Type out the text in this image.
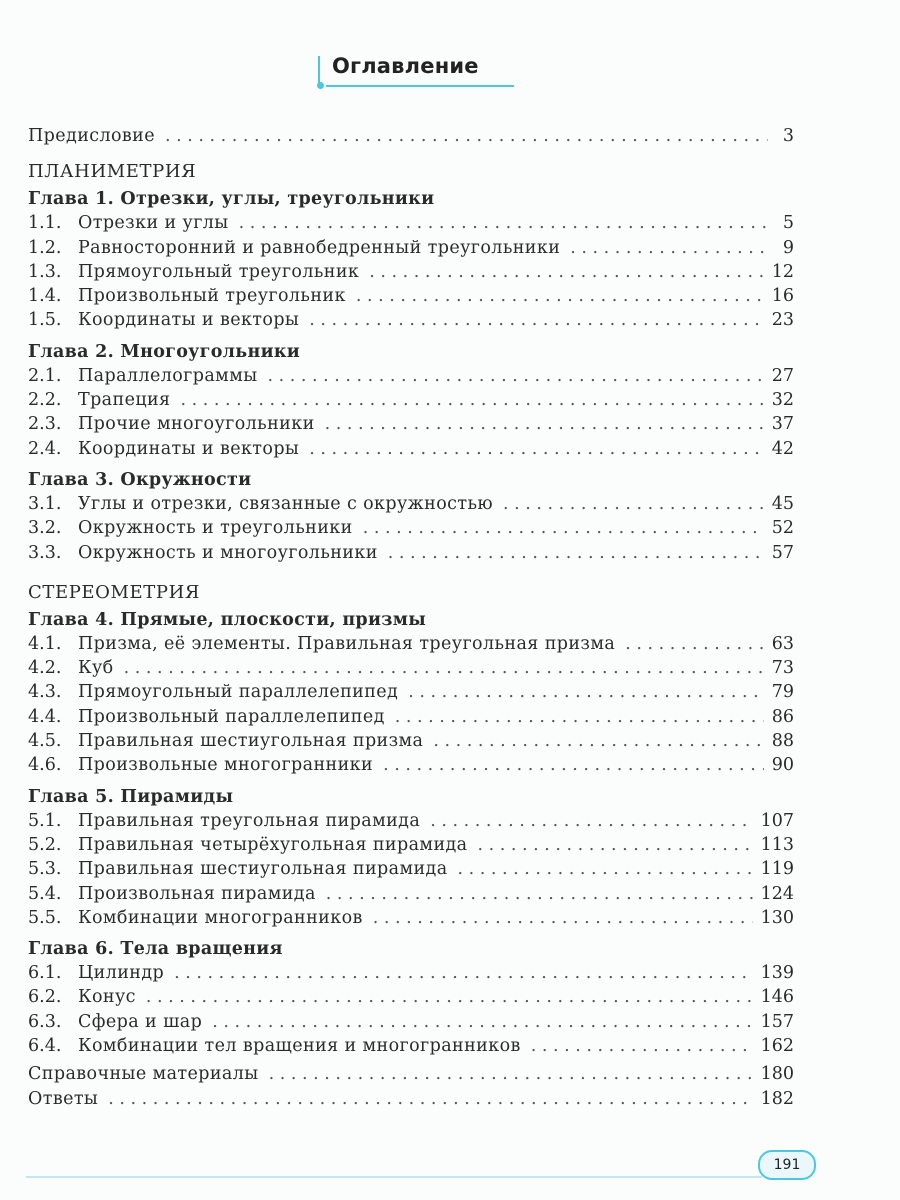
Оглавление
Предисловие . . .	3
ПЛАНИМЕТРИЯ
Глава 1. Отрезки, углы, треугольники
1.1. Отрезки и углы . . .	5
1.2. Равносторонний и равнобедренный треугольники . . .	9
1.3. Прямоугольный треугольник . . .	12
1.4. Произвольный треугольник . . .	16
1.5. Координаты и векторы . . .	23
Глава 2. Многоугольники
2.1. Параллелограммы . . .	27
2.2. Трапеция . . .	32
2.3. Прочие многоугольники . . .	37
2.4. Координаты и векторы . . .	42
Глава 3. Окружности
3.1. Углы и отрезки, связанные с окружностью . . .	45
3.2. Окружность и треугольники . . .	52
3.3. Окружность и многоугольники . . .	57
СТЕРЕОМЕТРИЯ
Глава 4. Прямые, плоскости, призмы
4.1. Призма, её элементы. Правильная треугольная призма . . .	63
4.2. Куб . . .	73
4.3. Прямоугольный параллелепипед . . .	79
4.4. Произвольный параллелепипед . . .	86
4.5. Правильная шестиугольная призма . . .	88
4.6. Произвольные многогранники . . .	90
Глава 5. Пирамиды
5.1. Правильная треугольная пирамида . . .	107
5.2. Правильная четырёхугольная пирамида . . .	113
5.3. Правильная шестиугольная пирамида . . .	119
5.4. Произвольная пирамида . . .	124
5.5. Комбинации многогранников . . .	130
Глава 6. Тела вращения
6.1. Цилиндр . . .	139
6.2. Конус . . .	146
6.3. Сфера и шар . . .	157
6.4. Комбинации тел вращения и многогранников . . .	162
Справочные материалы . . .	180
Ответы . . .	182
191
